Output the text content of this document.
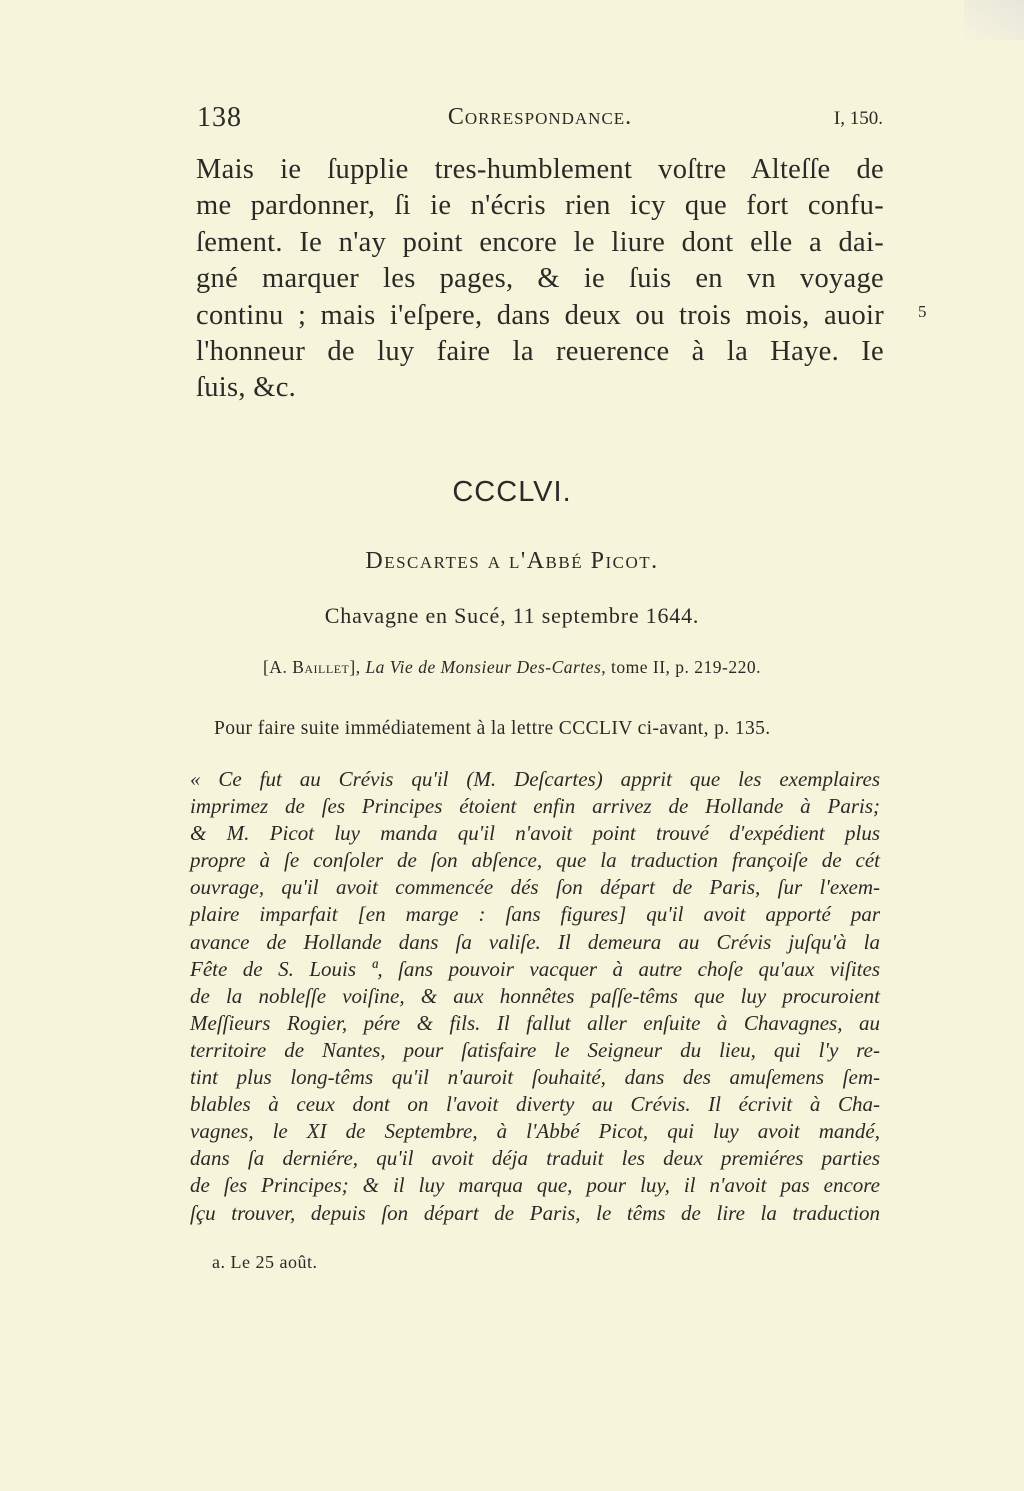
138	Correspondance.	I, 150.
Mais ie ſupplie tres-humblement voſtre Alteſſe de
me pardonner, ſi ie n'écris rien icy que fort confu-
ſement. Ie n'ay point encore le liure dont elle a dai-
gné marquer les pages, & ie ſuis en vn voyage
continu ; mais i'eſpere, dans deux ou trois mois, auoir
l'honneur de luy faire la reuerence à la Haye. Ie
ſuis, &c.
5
CCCLVI.
Descartes a l'Abbé Picot.
Chavagne en Sucé, 11 septembre 1644.
[A. Baillet], La Vie de Monsieur Des-Cartes, tome II, p. 219-220.
Pour faire suite immédiatement à la lettre CCCLIV ci-avant, p. 135.
« Ce fut au Crévis qu'il (M. Deſcartes) apprit que les exemplaires
imprimez de ſes Principes étoient enfin arrivez de Hollande à Paris;
& M. Picot luy manda qu'il n'avoit point trouvé d'expédient plus
propre à ſe conſoler de ſon abſence, que la traduction françoiſe de cét
ouvrage, qu'il avoit commencée dés ſon départ de Paris, ſur l'exem-
plaire imparfait [en marge : ſans figures] qu'il avoit apporté par
avance de Hollande dans ſa valiſe. Il demeura au Crévis juſqu'à la
Fête de S. Louis ª, ſans pouvoir vacquer à autre choſe qu'aux viſites
de la nobleſſe voiſine, & aux honnêtes paſſe-têms que luy procuroient
Meſſieurs Rogier, pére & fils. Il fallut aller enſuite à Chavagnes, au
territoire de Nantes, pour ſatisfaire le Seigneur du lieu, qui l'y re-
tint plus long-têms qu'il n'auroit ſouhaité, dans des amuſemens ſem-
blables à ceux dont on l'avoit diverty au Crévis. Il écrivit à Cha-
vagnes, le XI de Septembre, à l'Abbé Picot, qui luy avoit mandé,
dans ſa derniére, qu'il avoit déja traduit les deux premiéres parties
de ſes Principes; & il luy marqua que, pour luy, il n'avoit pas encore
ſçu trouver, depuis ſon départ de Paris, le têms de lire la traduction
a. Le 25 août.
